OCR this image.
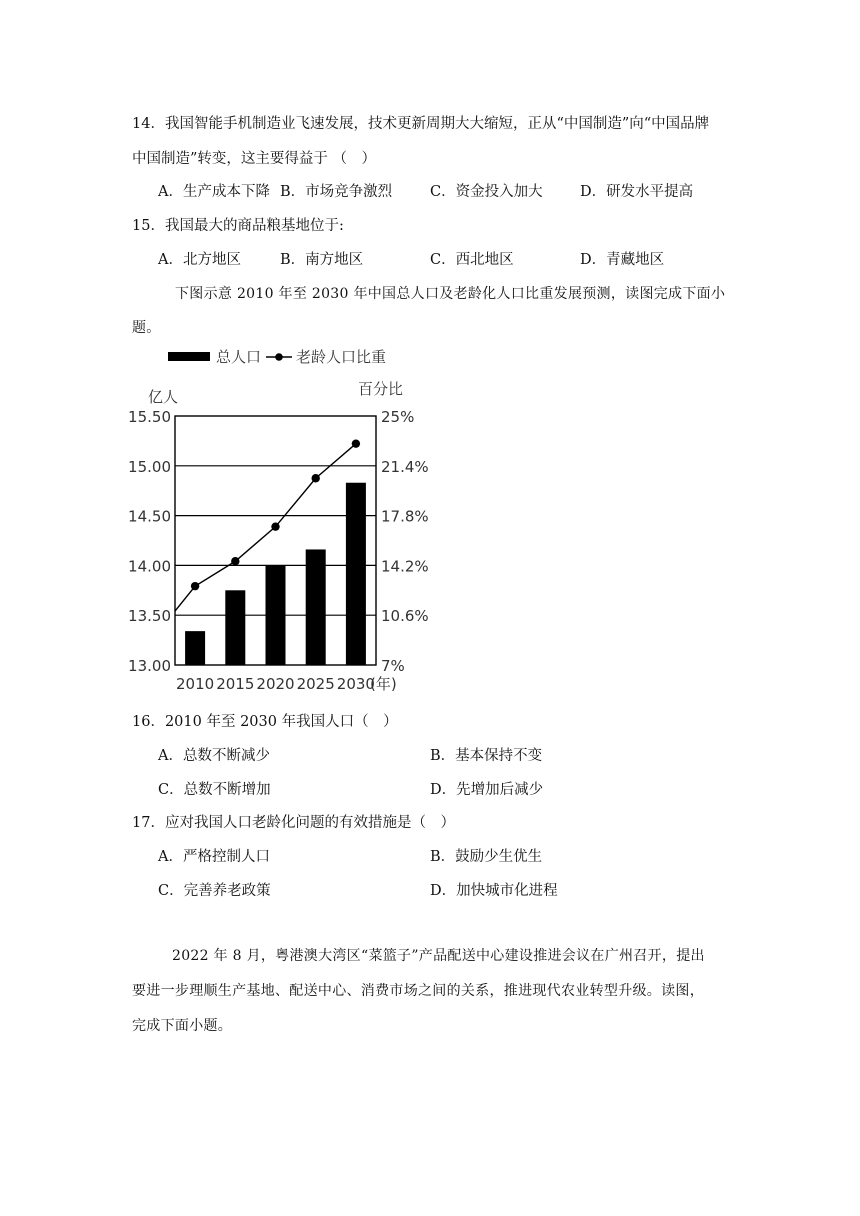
14．我国智能手机制造业飞速发展，技术更新周期大大缩短，正从“中国制造”向“中国品牌
中国制造”转变，这主要得益于 （　）
A．生产成本下降 B．市场竞争激烈	C．资金投入加大	D．研发水平提高
15．我国最大的商品粮基地位于:
A．北方地区	B．南方地区	C．西北地区	D．青藏地区
下图示意 2010 年至 2030 年中国总人口及老龄化人口比重发展预测，读图完成下面小
题。
总人口 老龄人口比重
亿人	百分比
15.50	25%
15.00	21.4%
14.50	17.8%
14.00	14.2%
13.50	10.6%
13.00	7%
2010 2015 2020 2025 2030
(年)
16．2010 年至 2030 年我国人口（　）
A．总数不断减少	B．基本保持不变
C．总数不断增加	D．先增加后减少
17．应对我国人口老龄化问题的有效措施是（　）
A．严格控制人口	B．鼓励少生优生
C．完善养老政策	D．加快城市化进程
2022 年 8 月，粤港澳大湾区“菜篮子”产品配送中心建设推进会议在广州召开，提出
要进一步理顺生产基地、配送中心、消费市场之间的关系，推进现代农业转型升级。读图，
完成下面小题。
